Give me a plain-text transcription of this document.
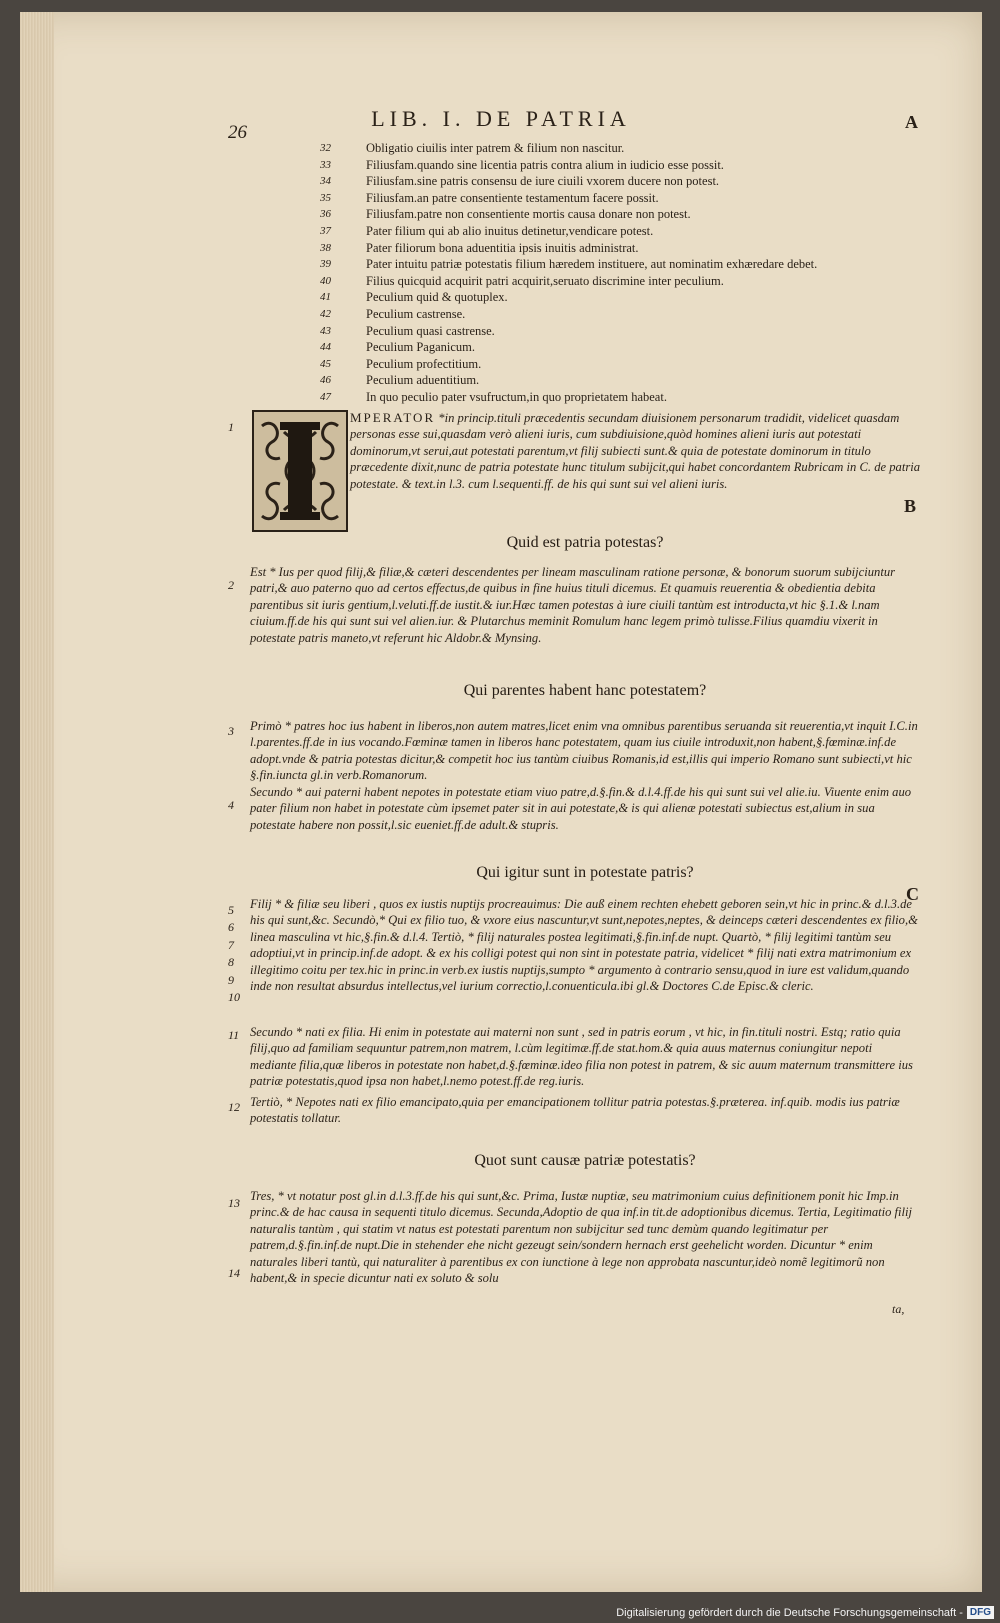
26
LIB. I. DE PATRIA	A
B
C
32	Obligatio ciuilis inter patrem & filium non nascitur.
33	Filiusfam.quando sine licentia patris contra alium in iudicio esse possit.
34	Filiusfam.sine patris consensu de iure ciuili vxorem ducere non potest.
35	Filiusfam.an patre consentiente testamentum facere possit.
36	Filiusfam.patre non consentiente mortis causa donare non potest.
37	Pater filium qui ab alio inuitus detinetur,vendicare potest.
38	Pater filiorum bona aduentitia ipsis inuitis administrat.
39	Pater intuitu patriæ potestatis filium hæredem instituere, aut nominatim exhæredare debet.
40	Filius quicquid acquirit patri acquirit,seruato discrimine inter peculium.
41	Peculium quid & quotuplex.
42	Peculium castrense.
43	Peculium quasi castrense.
44	Peculium Paganicum.
45	Peculium profectitium.
46	Peculium aduentitium.
47	In quo peculio pater vsufructum,in quo proprietatem habeat.
1

MPERATOR *in princip.tituli præcedentis secundam diuisionem personarum tradidit, videlicet quasdam personas esse sui,quasdam verò alieni iuris, cum subdiuisione,quòd homines alieni iuris aut potestati dominorum,vt serui,aut potestati parentum,vt filij subiecti sunt.& quia de potestate dominorum in titulo præcedente dixit,nunc de patria potestate hunc titulum subijcit,qui habet concordantem Rubricam in C. de patria potestate. & text.in l.3. cum l.sequenti.ff. de his qui sunt sui vel alieni iuris.

Quid est patria potestas?
2

Est * Ius per quod filij,& filiæ,& cæteri descendentes per lineam masculinam ratione personæ, & bonorum suorum subijciuntur patri,& auo paterno quo ad certos effectus,de quibus in fine huius tituli dicemus. Et quamuis reuerentia & obedientia debita parentibus sit iuris gentium,l.veluti.ff.de iustit.& iur.Hæc tamen potestas à iure ciuili tantùm est introducta,vt hic §.1.& l.nam ciuium.ff.de his qui sunt sui vel alien.iur. & Plutarchus meminit Romulum hanc legem primò tulisse.Filius quamdiu vixerit in potestate patris maneto,vt referunt hic Aldobr.& Mynsing.

Qui parentes habent hanc potestatem?
3 Primò * patres hoc ius habent in liberos,non autem matres,licet enim vna omnibus parentibus seruanda sit reuerentia,vt inquit I.C.in l.parentes.ff.de in ius vocando.Fœminæ tamen in liberos hanc potestatem, quam ius ciuile introduxit,non habent,§.fœminæ.inf.de adopt.vnde & patria potestas dicitur,& competit hoc ius tantùm ciuibus Romanis,id est,illis qui imperio Romano sunt subiecti,vt hic §.fin.iuncta gl.in verb.Romanorum.

4

Secundo * aui paterni habent nepotes in potestate etiam viuo patre,d.§.fin.& d.l.4.ff.de his qui sunt sui vel alie.iu. Viuente enim auo pater filium non habet in potestate cùm ipsemet pater sit in aui potestate,& is qui alienæ potestati subiectus est,alium in sua potestate habere non possit,l.sic eueniet.ff.de adult.& stupris.

Qui igitur sunt in potestate patris?
5 6 7 8 9 10

Filij * & filiæ seu liberi , quos ex iustis nuptijs procreauimus: Die auß einem rechten ehebett geboren sein,vt hic in princ.& d.l.3.de his qui sunt,&c. Secundò,* Qui ex filio tuo, & vxore eius nascuntur,vt sunt,nepotes,neptes, & deinceps cæteri descendentes ex filio,& linea masculina vt hic,§.fin.& d.l.4. Tertiò, * filij naturales postea legitimati,§.fin.inf.de nupt. Quartò, * filij legitimi tantùm seu adoptiui,vt in princip.inf.de adopt. & ex his colligi potest qui non sint in potestate patria, videlicet * filij nati extra matrimonium ex illegitimo coitu per tex.hic in princ.in verb.ex iustis nuptijs,sumpto * argumento à contrario sensu,quod in iure est validum,quando inde non resultat absurdus intellectus,vel iurium correctio,l.conuenticula.ibi gl.& Doctores C.de Episc.& cleric.

11 Secundo * nati ex filia. Hi enim in potestate aui materni non sunt , sed in patris eorum , vt hic, in fin.tituli nostri. Estq; ratio quia filij,quo ad familiam sequuntur patrem,non matrem, l.cùm legitimæ.ff.de stat.hom.& quia auus maternus coniungitur nepoti mediante filia,quæ liberos in potestate non habet,d.§.fœminæ.ideo filia non potest in patrem, & sic auum maternum transmittere ius patriæ potestatis,quod ipsa non habet,l.nemo potest.ff.de reg.iuris.

12 Tertiò, * Nepotes nati ex filio emancipato,quia per emancipationem tollitur patria potestas.§.præterea. inf.quib. modis ius patriæ potestatis tollatur.

Quot sunt causæ patriæ potestatis?
13 Tres, * vt notatur post gl.in d.l.3.ff.de his qui sunt,&c. Prima, Iustæ nuptiæ, seu matrimonium cuius definitionem ponit hic Imp.in princ.& de hac causa in sequenti titulo dicemus. Secunda,Adoptio de qua inf.in tit.de adoptionibus dicemus. Tertia, Legitimatio filij naturalis tantùm , qui statim vt natus est potestati parentum non subijcitur sed tunc demùm quando legitimatur per patrem,d.§.fin.inf.de nupt.Die in stehender ehe nicht gezeugt sein/sondern hernach erst geehelicht worden. Dicuntur * enim naturales liberi tantù, qui naturaliter à parentibus ex con iunctione à lege non approbata nascuntur,ideò nomẽ legitimorũ non habent,& in specie dicuntur nati ex soluto & solu

14
ta,
Digitalisierung gefördert durch die Deutsche Forschungsgemeinschaft - DFG
